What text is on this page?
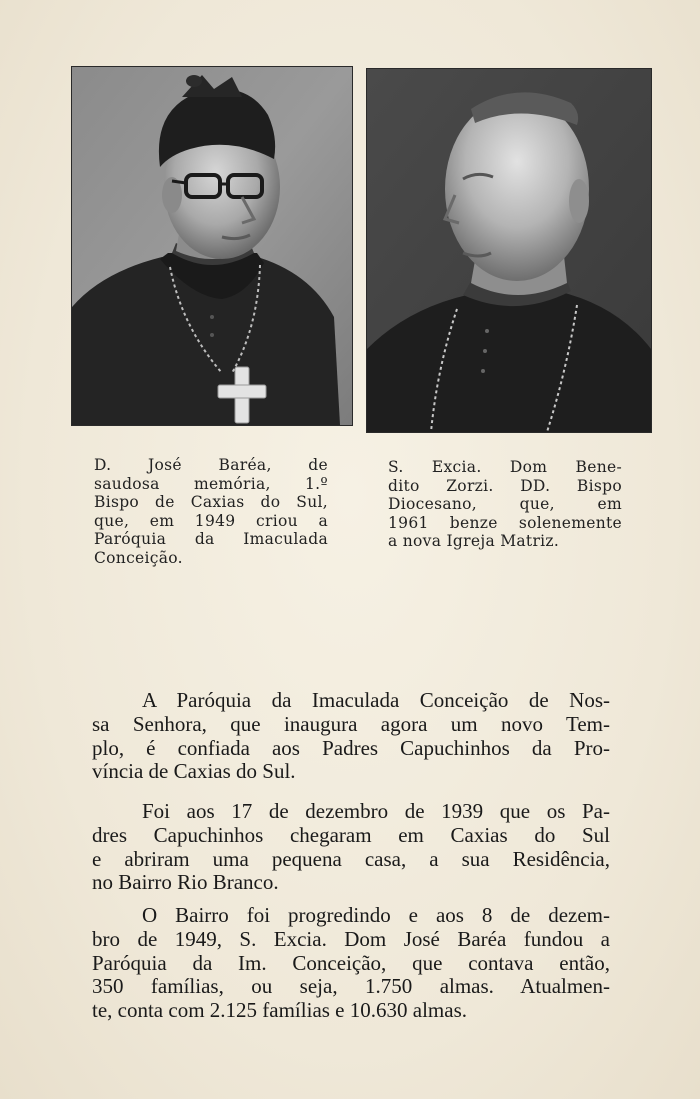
D. José Baréa, de
saudosa memória, 1.º
Bispo de Caxias do Sul,
que, em 1949 criou a
Paróquia da Imaculada
Conceição.
S. Excia. Dom Bene-
dito Zorzi. DD. Bispo
Diocesano, que, em
1961 benze solenemente
a nova Igreja Matriz.
A Paróquia da Imaculada Conceição de Nos-
sa Senhora, que inaugura agora um novo Tem-
plo, é confiada aos Padres Capuchinhos da Pro-
víncia de Caxias do Sul.
Foi aos 17 de dezembro de 1939 que os Pa-
dres Capuchinhos chegaram em Caxias do Sul
e abriram uma pequena casa, a sua Residência,
no Bairro Rio Branco.
O Bairro foi progredindo e aos 8 de dezem-
bro de 1949, S. Excia. Dom José Baréa fundou a
Paróquia da Im. Conceição, que contava então,
350 famílias, ou seja, 1.750 almas. Atualmen-
te, conta com 2.125 famílias e 10.630 almas.
